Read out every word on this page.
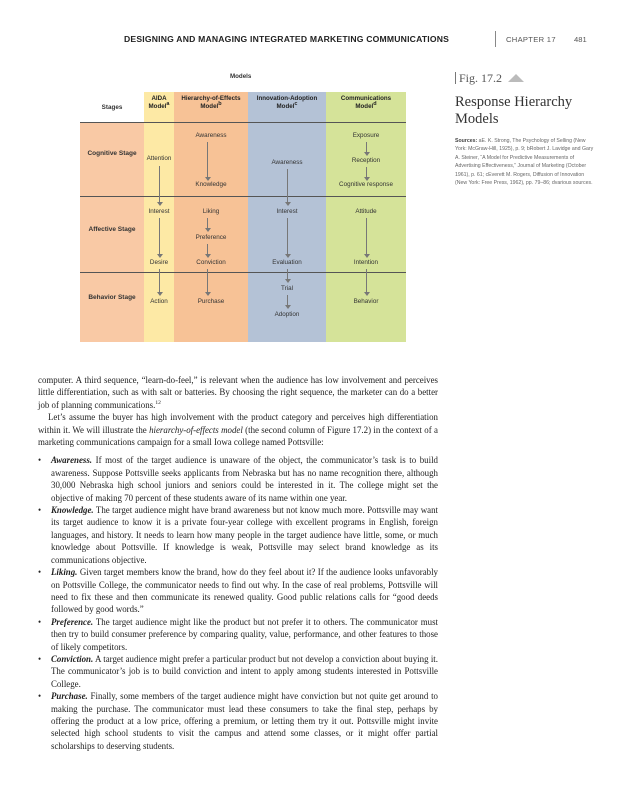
DESIGNING AND MANAGING INTEGRATED MARKETING COMMUNICATIONS	CHAPTER 17 481
Models
Stages
AIDA
Model$^a$
Hierarchy-of-Effects
Model$^b$
Innovation-Adoption
Model$^c$
Communications
Model$^d$
Cognitive Stage
Affective Stage
Behavior Stage
Attention
Interest
Desire
Action
Awareness
Knowledge
Liking
Preference
Conviction
Purchase
Awareness
Interest
Evaluation
Trial
Adoption
Exposure
Reception
Cognitive response
Attitude
Intention
Behavior
Fig. 17.2
Response Hierarchy Models
Sources: aE. K. Strong, The Psychology of Selling (New York: McGraw-Hill, 1925), p. 9; bRobert J. Lavidge and Gary A. Steiner, “A Model for Predictive Measurements of Advertising Effectiveness,” Journal of Marketing (October 1961), p. 61; cEverett M. Rogers, Diffusion of Innovation (New York: Free Press, 1962), pp. 79–86; dvarious sources.

computer. A third sequence, “learn-do-feel,” is relevant when the audience has low involvement and perceives little differentiation, such as with salt or batteries. By choosing the right sequence, the marketer can do a better job of planning communications.$^{12}$

Let’s assume the buyer has high involvement with the product category and perceives high differentiation within it. We will illustrate the hierarchy-of-effects model (the second column of Figure 17.2) in the context of a marketing communications campaign for a small Iowa college named Pottsville:

• Awareness. If most of the target audience is unaware of the object, the communicator’s task is to build awareness. Suppose Pottsville seeks applicants from Nebraska but has no name recognition there, although 30,000 Nebraska high school juniors and seniors could be interested in it. The college might set the objective of making 70 percent of these students aware of its name within one year.
• Knowledge. The target audience might have brand awareness but not know much more. Pottsville may want its target audience to know it is a private four-year college with excellent programs in English, foreign languages, and history. It needs to learn how many people in the target audience have little, some, or much knowledge about Pottsville. If knowledge is weak, Pottsville may select brand knowledge as its communications objective.
• Liking. Given target members know the brand, how do they feel about it? If the audience looks unfavorably on Pottsville College, the communicator needs to find out why. In the case of real problems, Pottsville will need to fix these and then communicate its renewed quality. Good public relations calls for “good deeds followed by good words.”
• Preference. The target audience might like the product but not prefer it to others. The communicator must then try to build consumer preference by comparing quality, value, performance, and other features to those of likely competitors.
• Conviction. A target audience might prefer a particular product but not develop a conviction about buying it. The communicator’s job is to build conviction and intent to apply among students interested in Pottsville College.
• Purchase. Finally, some members of the target audience might have conviction but not quite get around to making the purchase. The communicator must lead these consumers to take the final step, perhaps by offering the product at a low price, offering a premium, or letting them try it out. Pottsville might invite selected high school students to visit the campus and attend some classes, or it might offer partial scholarships to deserving students.
